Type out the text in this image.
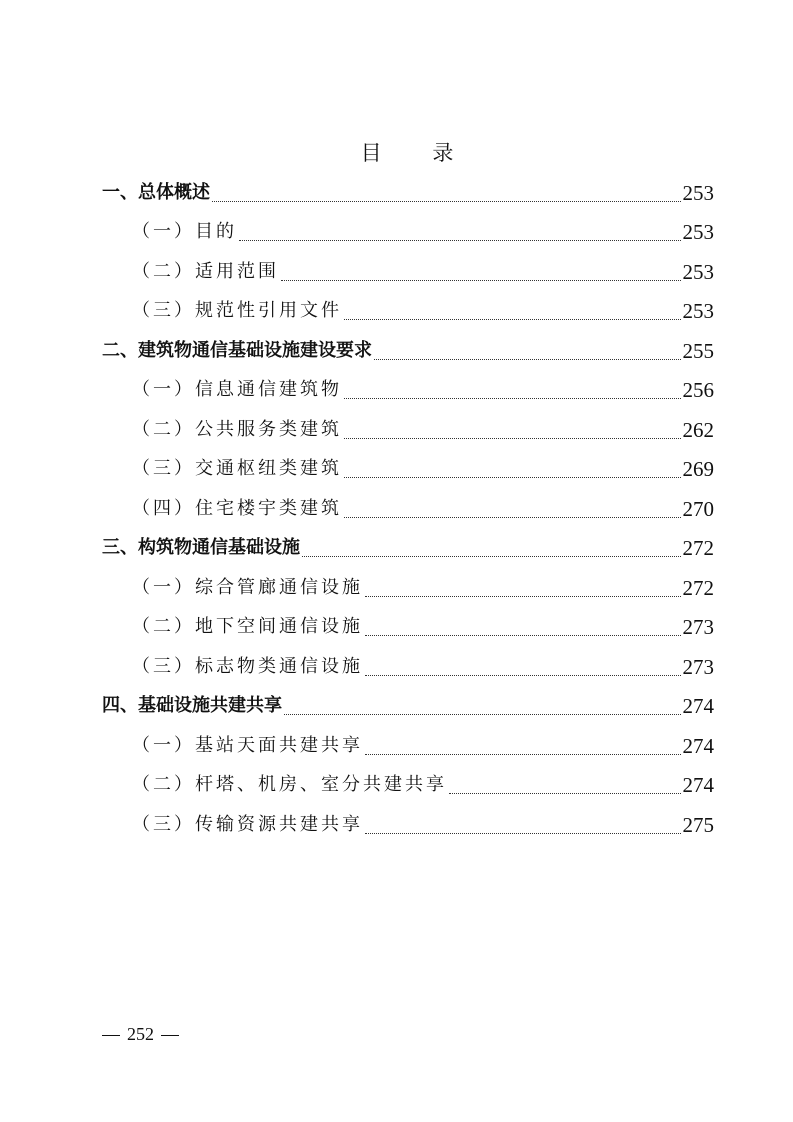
目 录
一、总体概述	253
（一）目的	253
（二）适用范围	253
（三）规范性引用文件	253
二、建筑物通信基础设施建设要求	255
（一）信息通信建筑物	256
（二）公共服务类建筑	262
（三）交通枢纽类建筑	269
（四）住宅楼宇类建筑	270
三、构筑物通信基础设施	272
（一）综合管廊通信设施	272
（二）地下空间通信设施	273
（三）标志物类通信设施	273
四、基础设施共建共享	274
（一）基站天面共建共享	274
（二）杆塔、机房、室分共建共享	274
（三）传输资源共建共享	275
252
